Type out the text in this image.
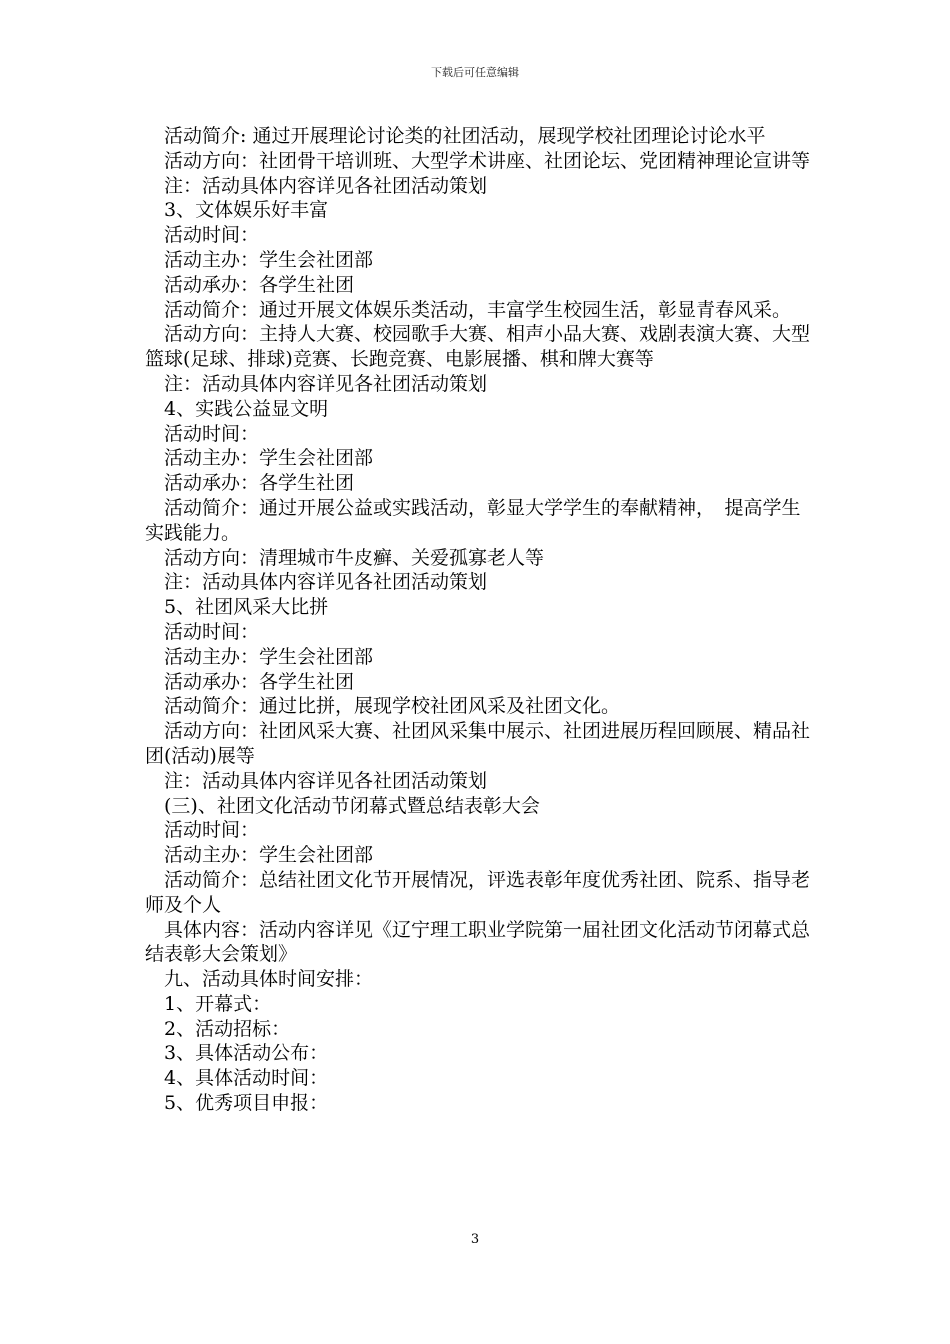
下载后可任意编辑

　活动简介: 通过开展理论讨论类的社团活动，展现学校社团理论讨论水平

　活动方向：社团骨干培训班、大型学术讲座、社团论坛、党团精神理论宣讲等

　注：活动具体内容详见各社团活动策划

　3、文体娱乐好丰富

　活动时间：

　活动主办：学生会社团部

　活动承办：各学生社团

　活动简介：通过开展文体娱乐类活动，丰富学生校园生活，彰显青春风采。

　活动方向：主持人大赛、校园歌手大赛、相声小品大赛、戏剧表演大赛、大型篮球(足球、排球)竞赛、长跑竞赛、电影展播、棋和牌大赛等

　注：活动具体内容详见各社团活动策划

　4、实践公益显文明

　活动时间：

　活动主办：学生会社团部

　活动承办：各学生社团

　活动简介：通过开展公益或实践活动，彰显大学学生的奉献精神，　提高学生实践能力。

　活动方向：清理城市牛皮癣、关爱孤寡老人等

　注：活动具体内容详见各社团活动策划

　5、社团风采大比拼

　活动时间：

　活动主办：学生会社团部

　活动承办：各学生社团

　活动简介：通过比拼，展现学校社团风采及社团文化。

　活动方向：社团风采大赛、社团风采集中展示、社团进展历程回顾展、精品社团(活动)展等

　注：活动具体内容详见各社团活动策划

　(三)、社团文化活动节闭幕式暨总结表彰大会

　活动时间：

　活动主办：学生会社团部

　活动简介：总结社团文化节开展情况，评选表彰年度优秀社团、院系、指导老师及个人

　具体内容：活动内容详见《辽宁理工职业学院第一届社团文化活动节闭幕式总结表彰大会策划》

　九、活动具体时间安排：

　1、开幕式：

　2、活动招标：

　3、具体活动公布：

　4、具体活动时间：

　5、优秀项目申报：

3
